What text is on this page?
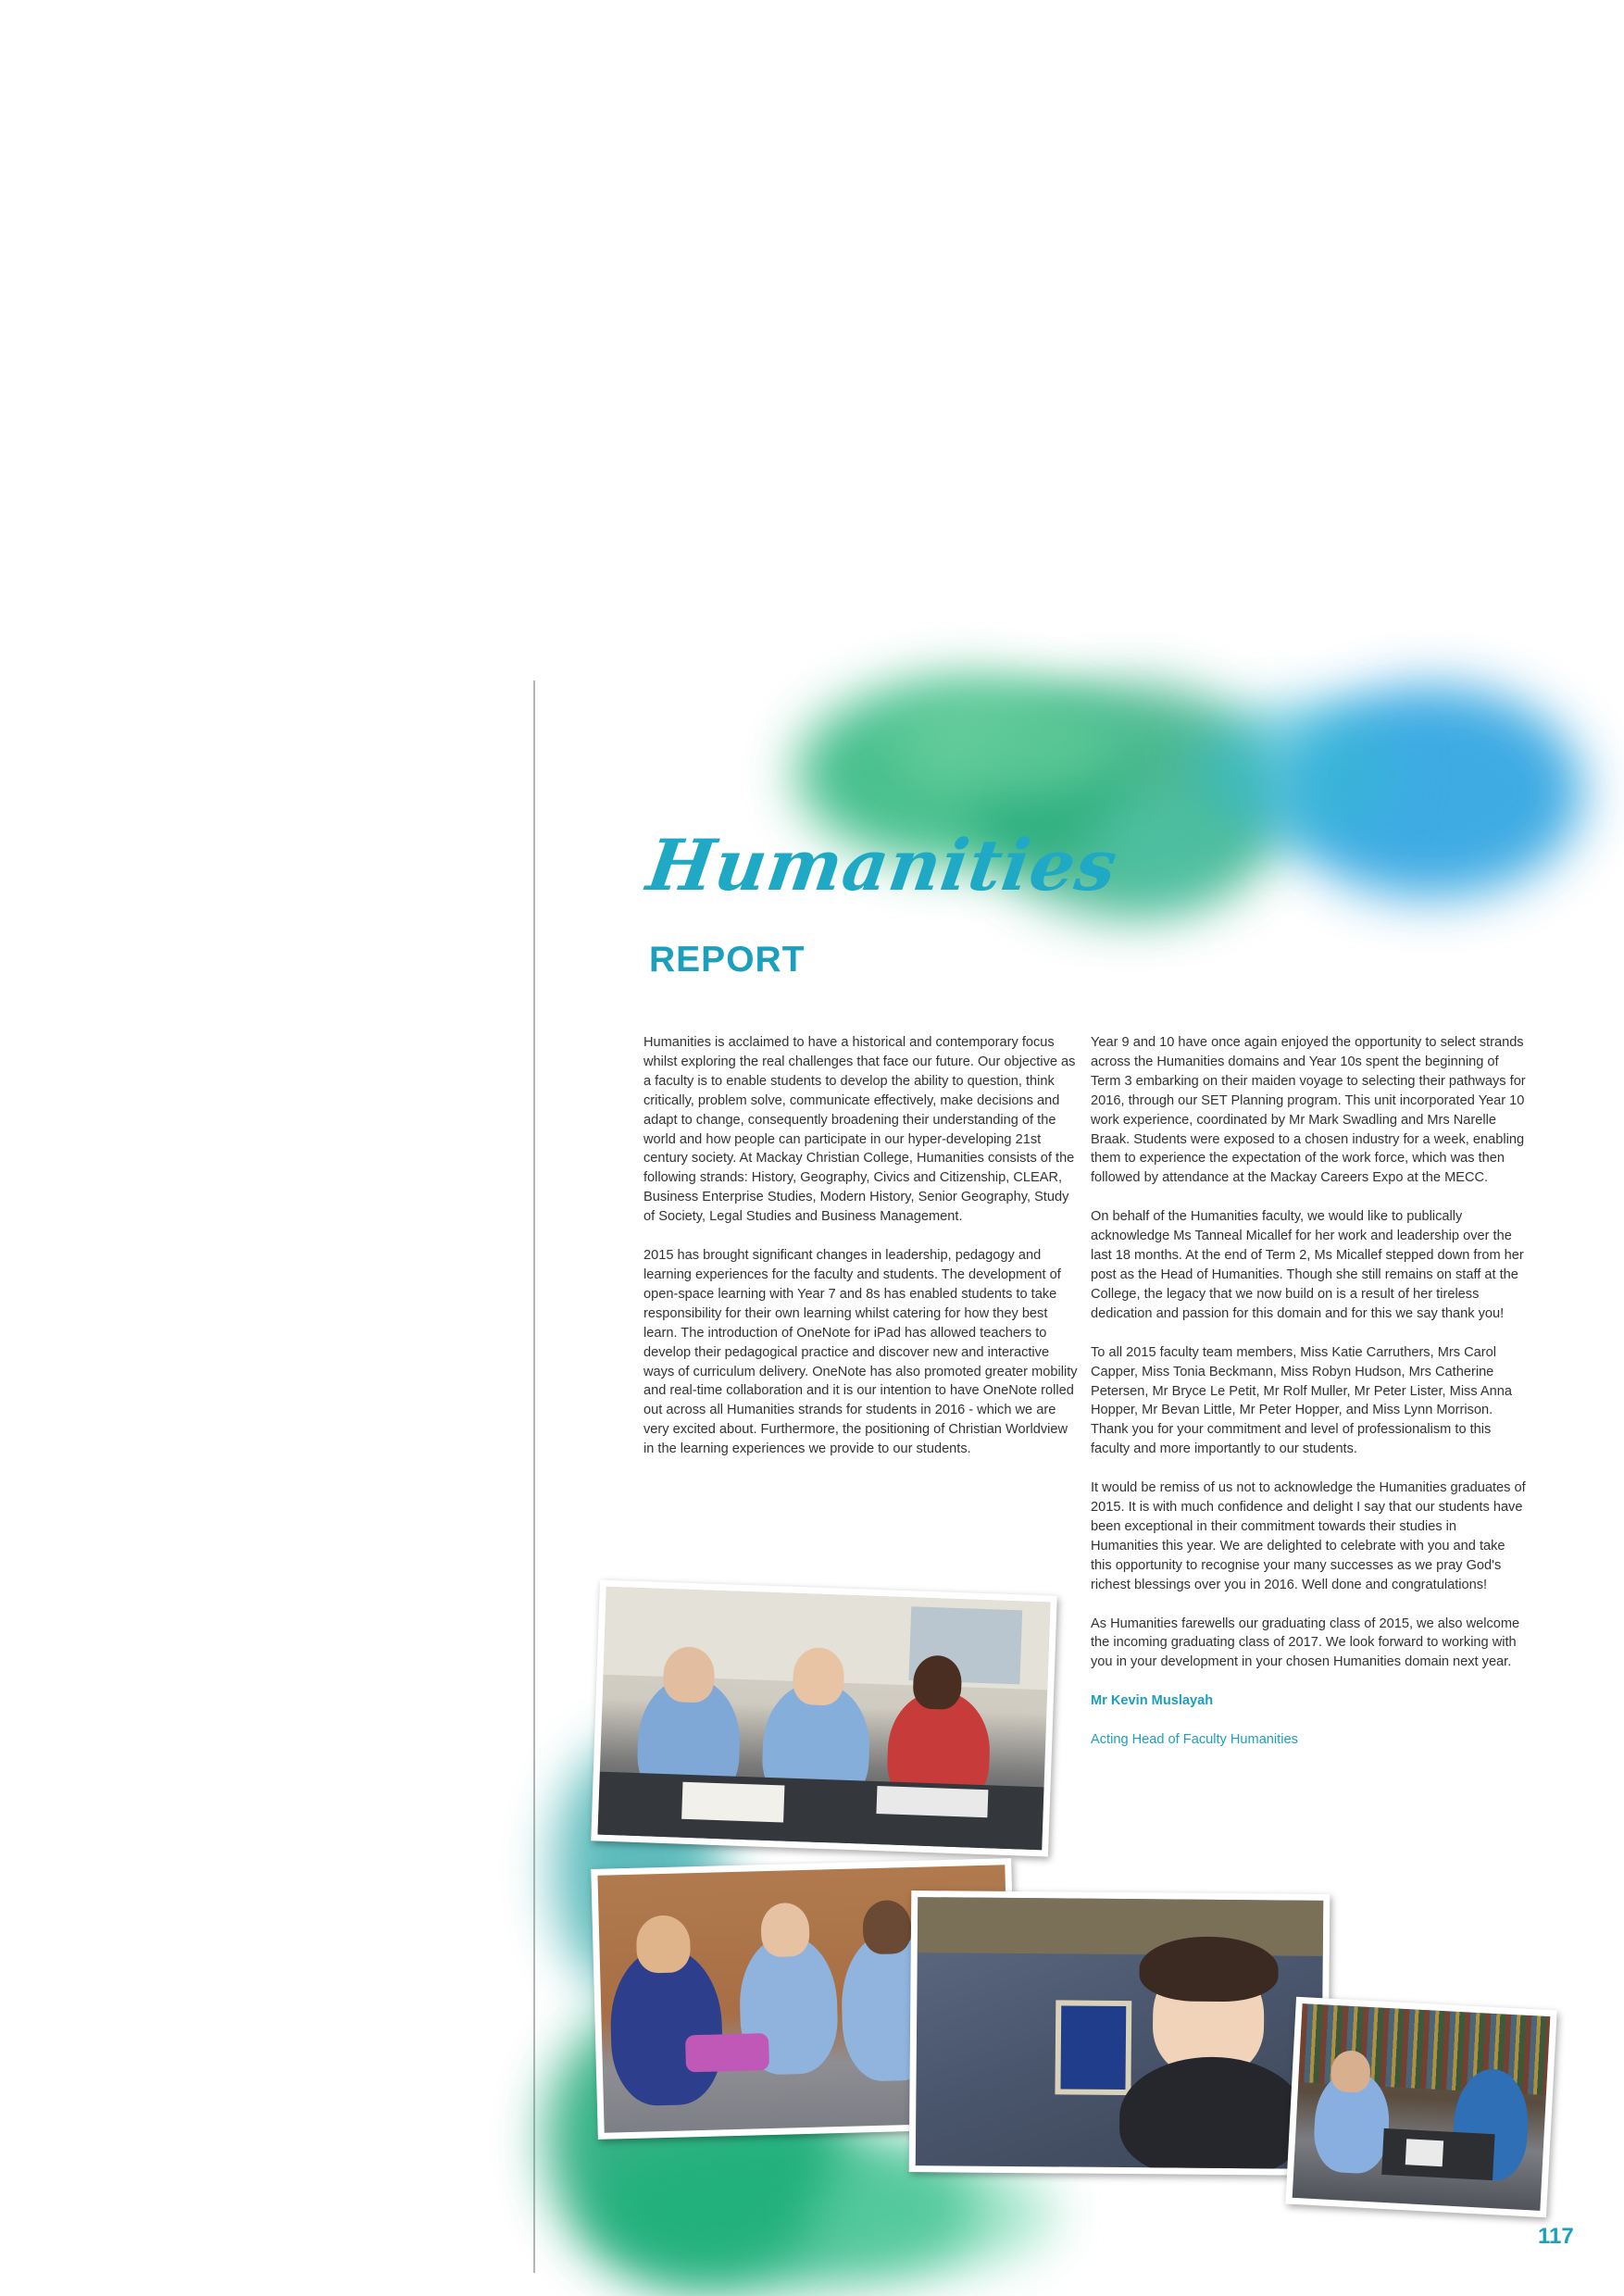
Humanities
REPORT

Humanities is acclaimed to have a historical and contemporary focus whilst exploring the real challenges that face our future. Our objective as a faculty is to enable students to develop the ability to question, think critically, problem solve, communicate effectively, make decisions and adapt to change, consequently broadening their understanding of the world and how people can participate in our hyper-developing 21st century society. At Mackay Christian College, Humanities consists of the following strands: History, Geography, Civics and Citizenship, CLEAR, Business Enterprise Studies, Modern History, Senior Geography, Study of Society, Legal Studies and Business Management.

2015 has brought significant changes in leadership, pedagogy and learning experiences for the faculty and students. The development of open-space learning with Year 7 and 8s has enabled students to take responsibility for their own learning whilst catering for how they best learn. The introduction of OneNote for iPad has allowed teachers to develop their pedagogical practice and discover new and interactive ways of curriculum delivery. OneNote has also promoted greater mobility and real-time collaboration and it is our intention to have OneNote rolled out across all Humanities strands for students in 2016 - which we are very excited about. Furthermore, the positioning of Christian Worldview in the learning experiences we provide to our students.

Year 9 and 10 have once again enjoyed the opportunity to select strands across the Humanities domains and Year 10s spent the beginning of Term 3 embarking on their maiden voyage to selecting their pathways for 2016, through our SET Planning program. This unit incorporated Year 10 work experience, coordinated by Mr Mark Swadling and Mrs Narelle Braak. Students were exposed to a chosen industry for a week, enabling them to experience the expectation of the work force, which was then followed by attendance at the Mackay Careers Expo at the MECC.

On behalf of the Humanities faculty, we would like to publically acknowledge Ms Tanneal Micallef for her work and leadership over the last 18 months. At the end of Term 2, Ms Micallef stepped down from her post as the Head of Humanities. Though she still remains on staff at the College, the legacy that we now build on is a result of her tireless dedication and passion for this domain and for this we say thank you!

To all 2015 faculty team members, Miss Katie Carruthers, Mrs Carol Capper, Miss Tonia Beckmann, Miss Robyn Hudson, Mrs Catherine Petersen, Mr Bryce Le Petit, Mr Rolf Muller, Mr Peter Lister, Miss Anna Hopper, Mr Bevan Little, Mr Peter Hopper, and Miss Lynn Morrison. Thank you for your commitment and level of professionalism to this faculty and more importantly to our students.

It would be remiss of us not to acknowledge the Humanities graduates of 2015. It is with much confidence and delight I say that our students have been exceptional in their commitment towards their studies in Humanities this year. We are delighted to celebrate with you and take this opportunity to recognise your many successes as we pray God's richest blessings over you in 2016. Well done and congratulations!

As Humanities farewells our graduating class of 2015, we also welcome the incoming graduating class of 2017. We look forward to working with you in your development in your chosen Humanities domain next year.

Mr Kevin Muslayah

Acting Head of Faculty Humanities

117
